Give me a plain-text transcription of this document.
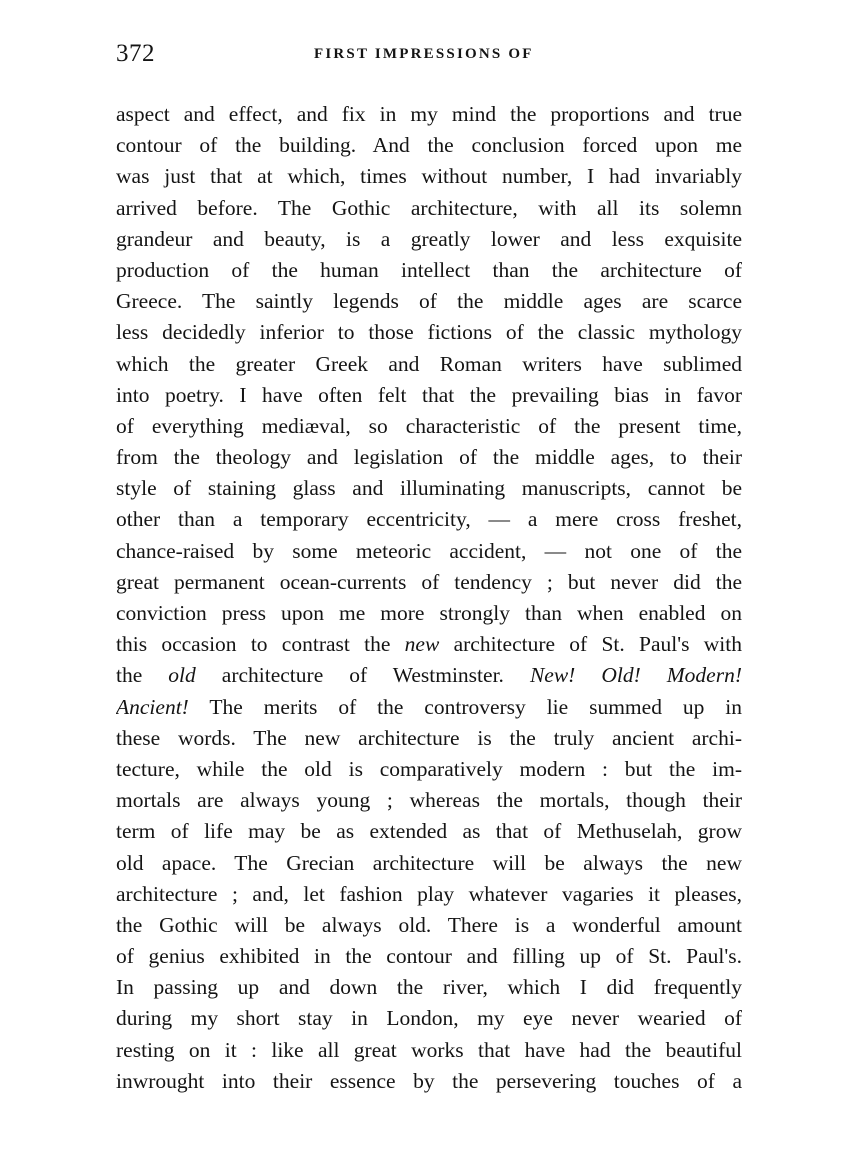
372	FIRST IMPRESSIONS OF
aspect and effect, and fix in my mind the proportions and true
contour of the building. And the conclusion forced upon me
was just that at which, times without number, I had invariably
arrived before. The Gothic architecture, with all its solemn
grandeur and beauty, is a greatly lower and less exquisite
production of the human intellect than the architecture of
Greece. The saintly legends of the middle ages are scarce
less decidedly inferior to those fictions of the classic mythology
which the greater Greek and Roman writers have sublimed
into poetry. I have often felt that the prevailing bias in favor
of everything mediæval, so characteristic of the present time,
from the theology and legislation of the middle ages, to their
style of staining glass and illuminating manuscripts, cannot be
other than a temporary eccentricity, — a mere cross freshet,
chance-raised by some meteoric accident, — not one of the
great permanent ocean-currents of tendency ; but never did the
conviction press upon me more strongly than when enabled on
this occasion to contrast the new architecture of St. Paul's with
the old architecture of Westminster. New! Old! Modern!
Ancient! The merits of the controversy lie summed up in
these words. The new architecture is the truly ancient archi-
tecture, while the old is comparatively modern : but the im-
mortals are always young ; whereas the mortals, though their
term of life may be as extended as that of Methuselah, grow
old apace. The Grecian architecture will be always the new
architecture ; and, let fashion play whatever vagaries it pleases,
the Gothic will be always old. There is a wonderful amount
of genius exhibited in the contour and filling up of St. Paul's.
In passing up and down the river, which I did frequently
during my short stay in London, my eye never wearied of
resting on it : like all great works that have had the beautiful
inwrought into their essence by the persevering touches of a
